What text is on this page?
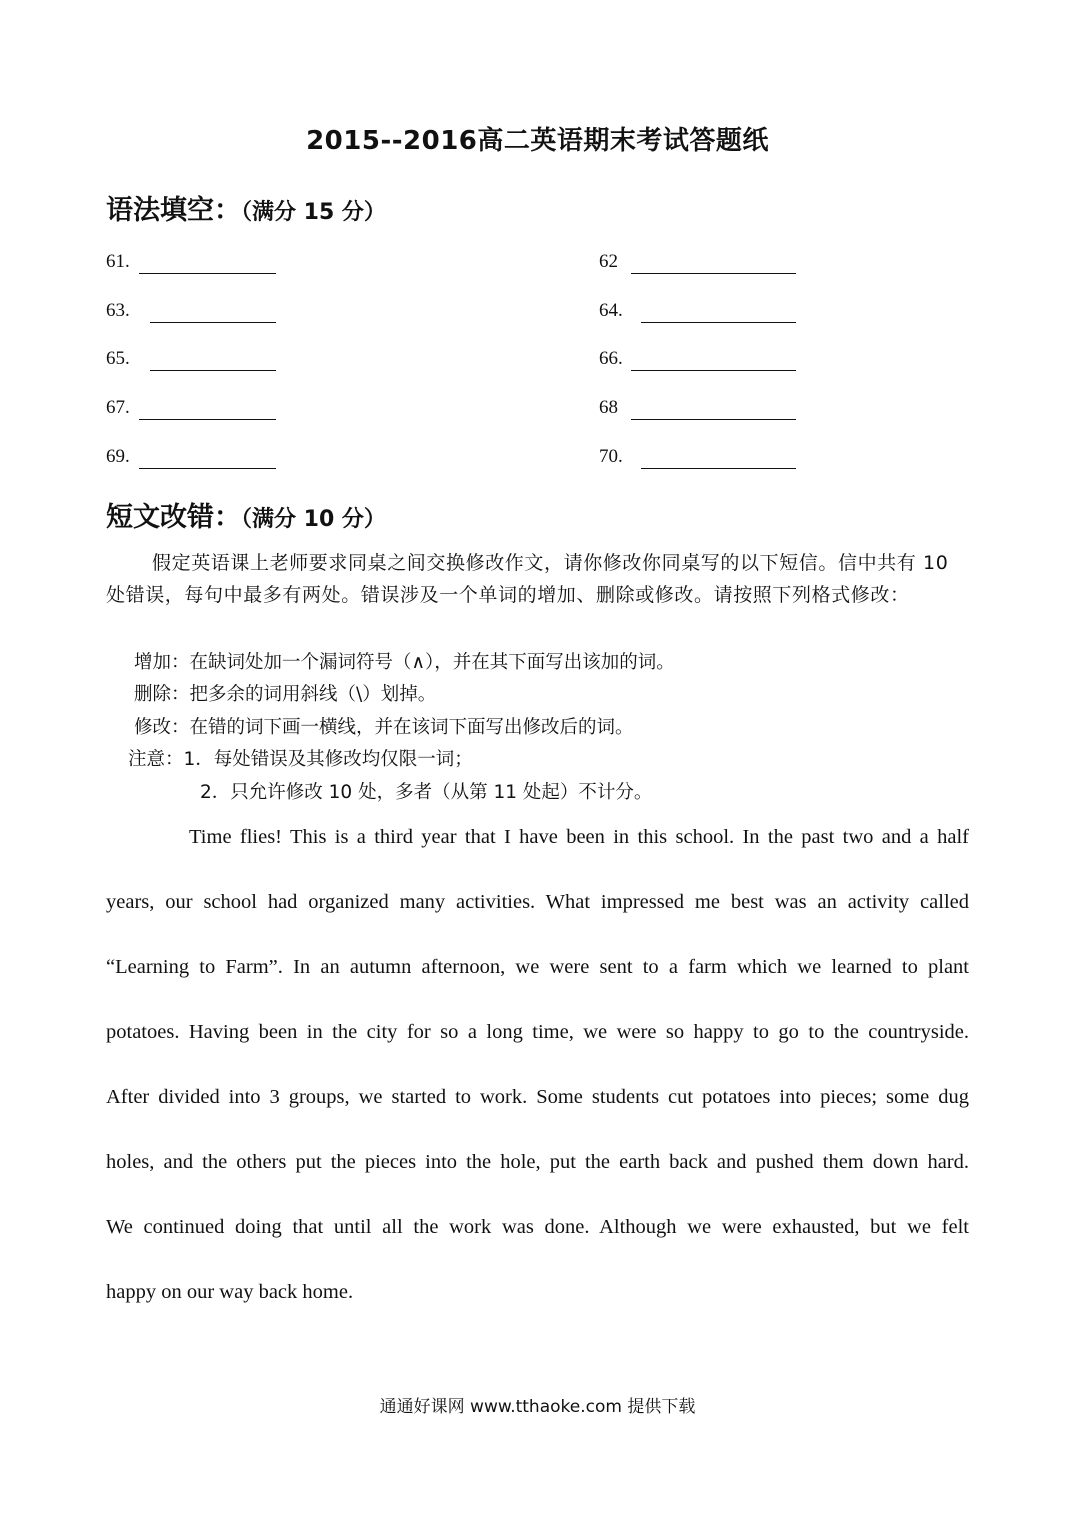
2015--2016高二英语期末考试答题纸
语法填空：（满分 15 分）
61.
63.
65.
67.
69.
62
64.
66.
68
70.
短文改错：（满分 10 分）
假定英语课上老师要求同桌之间交换修改作文，请你修改你同桌写的以下短信。信中共有 10 处错误，每句中最多有两处。错误涉及一个单词的增加、删除或修改。请按照下列格式修改：
增加：在缺词处加一个漏词符号（∧），并在其下面写出该加的词。
删除：把多余的词用斜线（\）划掉。
修改：在错的词下画一横线，并在该词下面写出修改后的词。
注意：1．每处错误及其修改均仅限一词；
2．只允许修改 10 处，多者（从第 11 处起）不计分。
Time flies! This is a third year that I have been in this school. In the past two and a half
years, our school had organized many activities. What impressed me best was an activity called
“Learning to Farm”. In an autumn afternoon, we were sent to a farm which we learned to plant
potatoes. Having been in the city for so a long time, we were so happy to go to the countryside.
After divided into 3 groups, we started to work. Some students cut potatoes into pieces; some dug
holes, and the others put the pieces into the hole, put the earth back and pushed them down hard.
We continued doing that until all the work was done. Although we were exhausted, but we felt
happy on our way back home.
通通好课网 www.tthaoke.com 提供下载
